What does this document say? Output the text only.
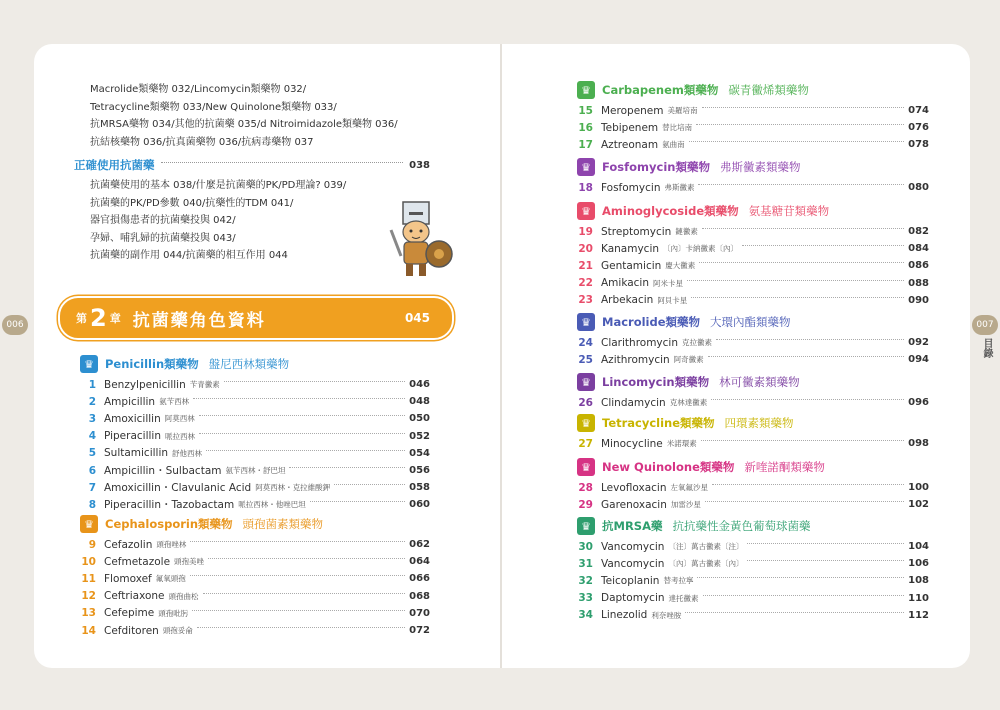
006	007
目錄
Macrolide類藥物 032/Lincomycin類藥物 032/
Tetracycline類藥物 033/New Quinolone類藥物 033/
抗MRSA藥物 034/其他的抗菌藥 035/d Nitroimidazole類藥物 036/
抗結核藥物 036/抗真菌藥物 036/抗病毒藥物 037
正確使用抗菌藥	038
抗菌藥使用的基本 038/什麼是抗菌藥的PK/PD理論? 039/
抗菌藥的PK/PD參數 040/抗藥性的TDM 041/
器官損傷患者的抗菌藥投與 042/
孕婦、哺乳婦的抗菌藥投與 043/
抗菌藥的副作用 044/抗菌藥的相互作用 044
第 2 章 抗菌藥角色資料	045
♛ Penicillin類藥物 盤尼西林類藥物
1 Benzylpenicillin 苄青黴素	046
2 Ampicillin 氨苄西林	048
3 Amoxicillin 阿莫西林	050
4 Piperacillin 哌拉西林	052
5 Sultamicillin 舒他西林	054
6 Ampicillin・Sulbactam 氨苄西林・舒巴坦	056
7 Amoxicillin・Clavulanic Acid 阿莫西林・克拉維酸鉀	058
8 Piperacillin・Tazobactam 哌拉西林・他唑巴坦	060
♛ Cephalosporin類藥物 頭孢菌素類藥物
9 Cefazolin 頭孢唑林	062
10 Cefmetazole 頭孢美唑	064
11 Flomoxef 氟氧頭孢	066
12 Ceftriaxone 頭孢曲松	068
13 Cefepime 頭孢吡肟	070
14 Cefditoren 頭孢妥侖	072
♛ Carbapenem類藥物 碳青黴烯類藥物
15 Meropenem 美羅培南	074
16 Tebipenem 替比培南	076
17 Aztreonam 氨曲南	078
♛ Fosfomycin類藥物 弗斯黴素類藥物
18 Fosfomycin 弗斯黴素	080
♛ Aminoglycoside類藥物 氨基糖苷類藥物
19 Streptomycin 鏈黴素	082
20 Kanamycin 〔內〕卡納黴素〔內〕	084
21 Gentamicin 慶大黴素	086
22 Amikacin 阿米卡星	088
23 Arbekacin 阿貝卡星	090
♛ Macrolide類藥物 大環內酯類藥物
24 Clarithromycin 克拉黴素	092
25 Azithromycin 阿奇黴素	094
♛ Lincomycin類藥物 林可黴素類藥物
26 Clindamycin 克林達黴素	096
♛ Tetracycline類藥物 四環素類藥物
27 Minocycline 米諾環素	098
♛ New Quinolone類藥物 新喹諾酮類藥物
28 Levofloxacin 左氧氟沙星	100
29 Garenoxacin 加雷沙星	102
♛ 抗MRSA藥 抗抗藥性金黃色葡萄球菌藥
30 Vancomycin 〔注〕萬古黴素〔注〕	104
31 Vancomycin 〔內〕萬古黴素〔內〕	106
32 Teicoplanin 替考拉寧	108
33 Daptomycin 達托黴素	110
34 Linezolid 利奈唑胺	112
